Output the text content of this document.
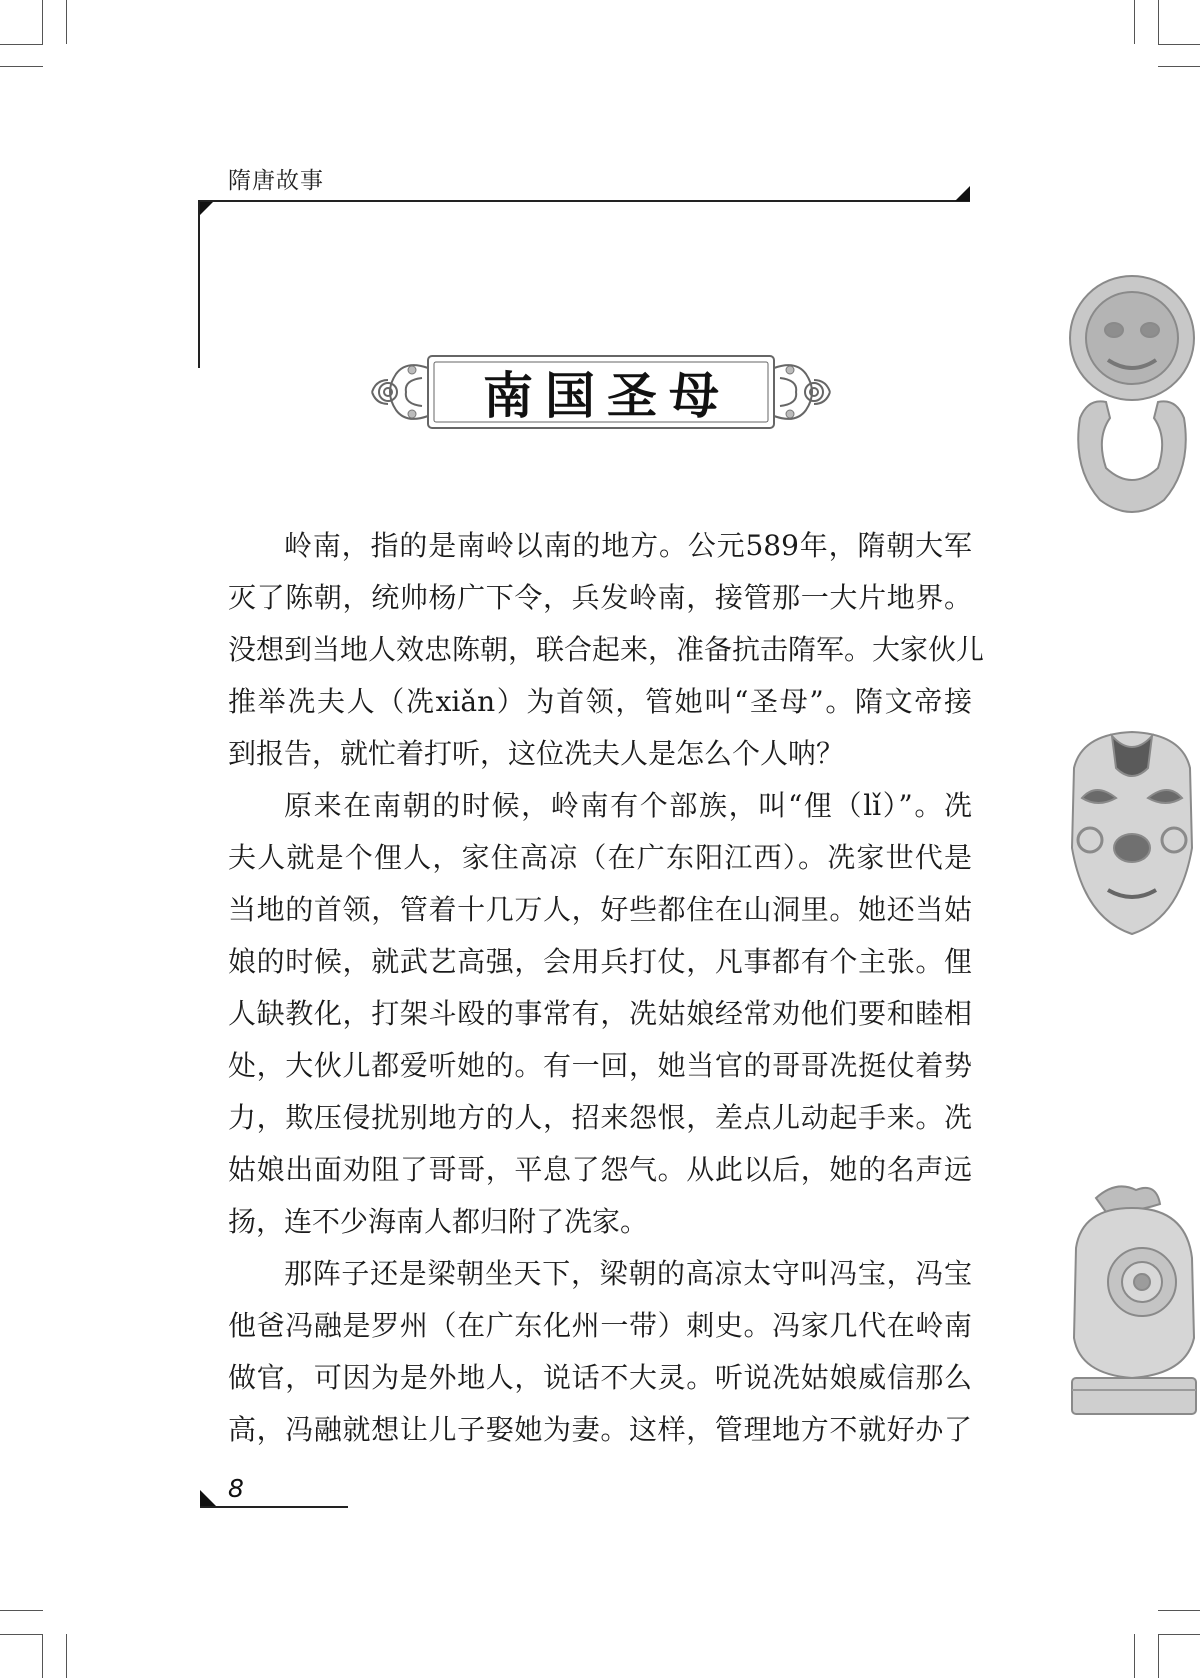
隋唐故事
南国圣母
岭南，指的是南岭以南的地方。公元589年，隋朝大军
灭了陈朝，统帅杨广下令，兵发岭南，接管那一大片地界。
没想到当地人效忠陈朝，联合起来，准备抗击隋军。大家伙儿
推举冼夫人（冼xiǎn）为首领，管她叫“圣母”。隋文帝接
到报告，就忙着打听，这位冼夫人是怎么个人呐？
原来在南朝的时候，岭南有个部族，叫“俚（lǐ）”。冼
夫人就是个俚人，家住高凉（在广东阳江西）。冼家世代是
当地的首领，管着十几万人，好些都住在山洞里。她还当姑
娘的时候，就武艺高强，会用兵打仗，凡事都有个主张。俚
人缺教化，打架斗殴的事常有，冼姑娘经常劝他们要和睦相
处，大伙儿都爱听她的。有一回，她当官的哥哥冼挺仗着势
力，欺压侵扰别地方的人，招来怨恨，差点儿动起手来。冼
姑娘出面劝阻了哥哥，平息了怨气。从此以后，她的名声远
扬，连不少海南人都归附了冼家。
那阵子还是梁朝坐天下，梁朝的高凉太守叫冯宝，冯宝
他爸冯融是罗州（在广东化州一带）刺史。冯家几代在岭南
做官，可因为是外地人，说话不大灵。听说冼姑娘威信那么
高，冯融就想让儿子娶她为妻。这样，管理地方不就好办了
8
